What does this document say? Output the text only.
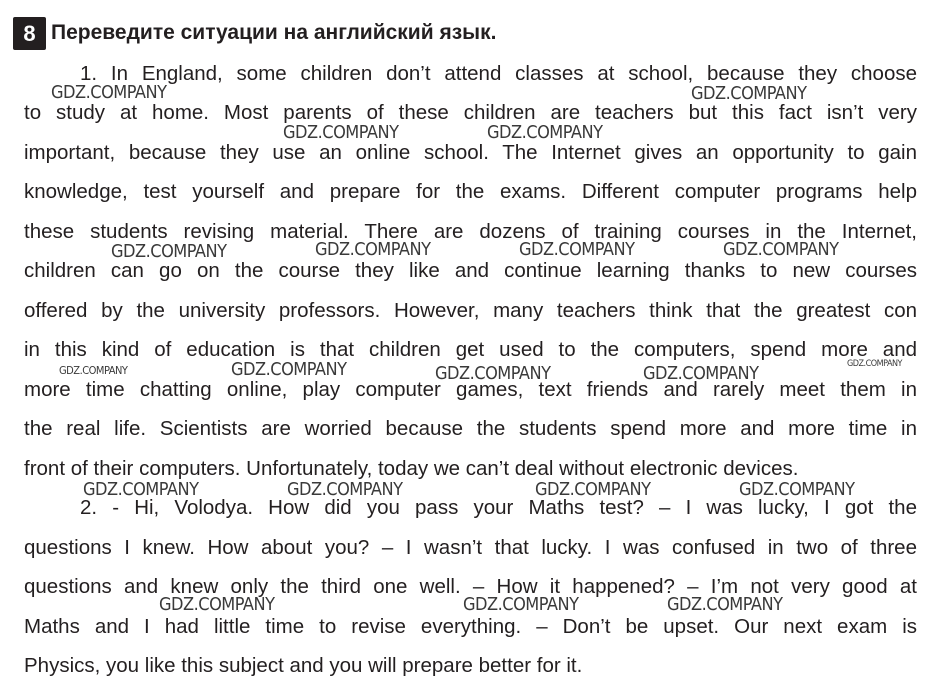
8 Переведите ситуации на английский язык.
1. In England, some children don’t attend classes at school, because they choose
to study at home. Most parents of these children are teachers but this fact isn’t very
important, because they use an online school. The Internet gives an opportunity to gain
knowledge, test yourself and prepare for the exams. Different computer programs help
these students revising material. There are dozens of training courses in the Internet,
children can go on the course they like and continue learning thanks to new courses
offered by the university professors. However, many teachers think that the greatest con
in this kind of education is that children get used to the computers, spend more and
more time chatting online, play computer games, text friends and rarely meet them in
the real life. Scientists are worried because the students spend more and more time in
front of their computers. Unfortunately, today we can’t deal without electronic devices.
2. - Hi, Volodya. How did you pass your Maths test? – I was lucky, I got the
questions I knew. How about you? – I wasn’t that lucky. I was confused in two of three
questions and knew only the third one well. – How it happened? – I’m not very good at
Maths and I had little time to revise everything. – Don’t be upset. Our next exam is
Physics, you like this subject and you will prepare better for it.
GDZ.COMPANY	GDZ.COMPANY
GDZ.COMPANY	GDZ.COMPANY
GDZ.COMPANY	GDZ.COMPANY	GDZ.COMPANY	GDZ.COMPANY
GDZ.COMPANY	GDZ.COMPANY	GDZ.COMPANY	GDZ.COMPANY	GDZ.COMPANY
GDZ.COMPANY	GDZ.COMPANY	GDZ.COMPANY	GDZ.COMPANY
GDZ.COMPANY	GDZ.COMPANY	GDZ.COMPANY
